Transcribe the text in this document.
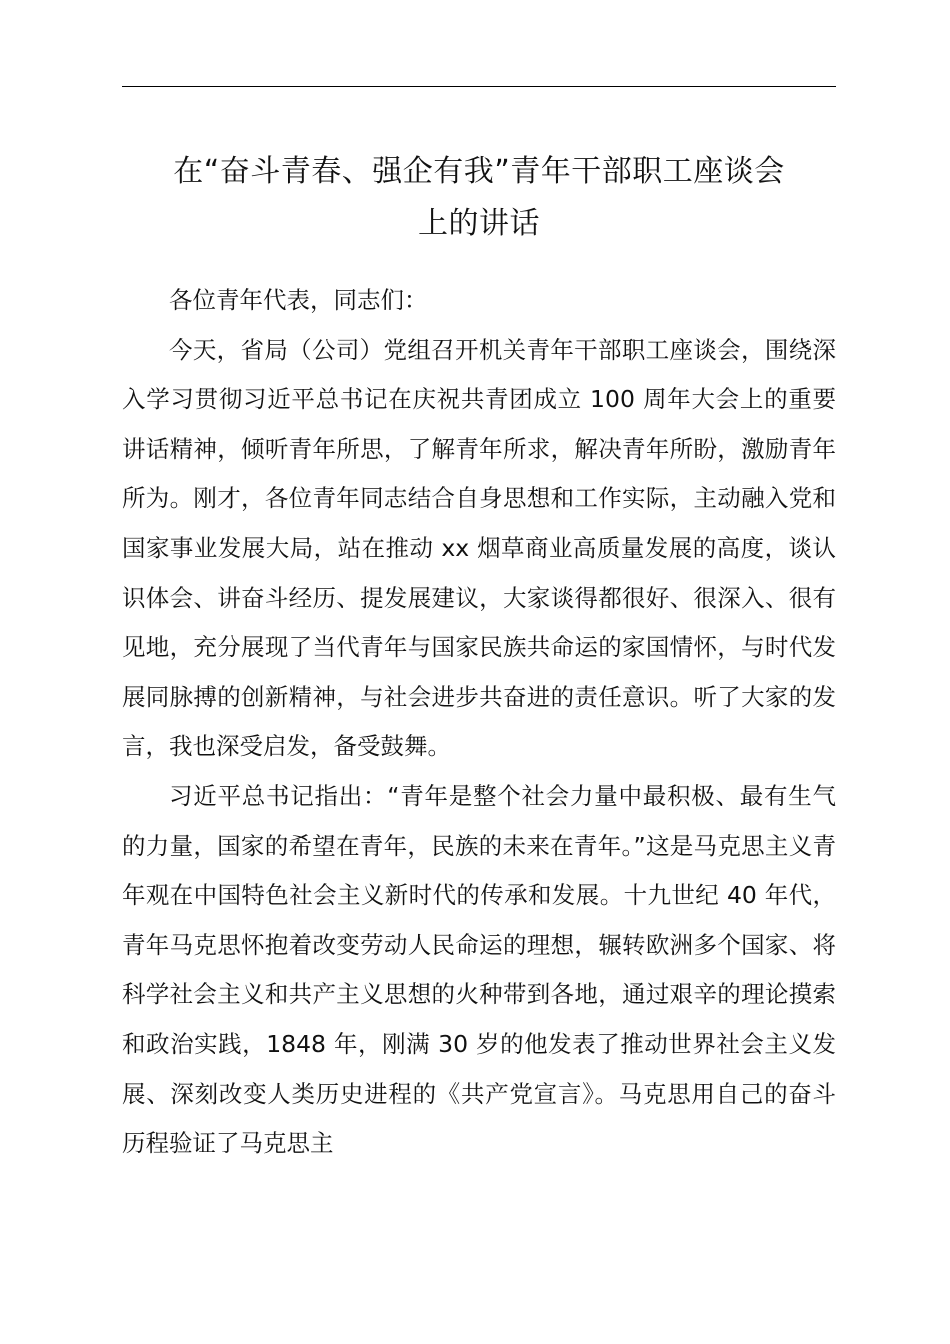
在“奋斗青春、强企有我”青年干部职工座谈会
上的讲话

各位青年代表，同志们：

今天，省局（公司）党组召开机关青年干部职工座谈会，围绕深入学习贯彻习近平总书记在庆祝共青团成立 100 周年大会上的重要讲话精神，倾听青年所思，了解青年所求，解决青年所盼，激励青年所为。刚才，各位青年同志结合自身思想和工作实际，主动融入党和国家事业发展大局，站在推动 xx 烟草商业高质量发展的高度，谈认识体会、讲奋斗经历、提发展建议，大家谈得都很好、很深入、很有见地，充分展现了当代青年与国家民族共命运的家国情怀，与时代发展同脉搏的创新精神，与社会进步共奋进的责任意识。听了大家的发言，我也深受启发，备受鼓舞。

习近平总书记指出：“青年是整个社会力量中最积极、最有生气的力量，国家的希望在青年，民族的未来在青年。”这是马克思主义青年观在中国特色社会主义新时代的传承和发展。十九世纪 40 年代，青年马克思怀抱着改变劳动人民命运的理想，辗转欧洲多个国家、将科学社会主义和共产主义思想的火种带到各地，通过艰辛的理论摸索和政治实践，1848 年，刚满 30 岁的他发表了推动世界社会主义发展、深刻改变人类历史进程的《共产党宣言》。马克思用自己的奋斗历程验证了马克思主
